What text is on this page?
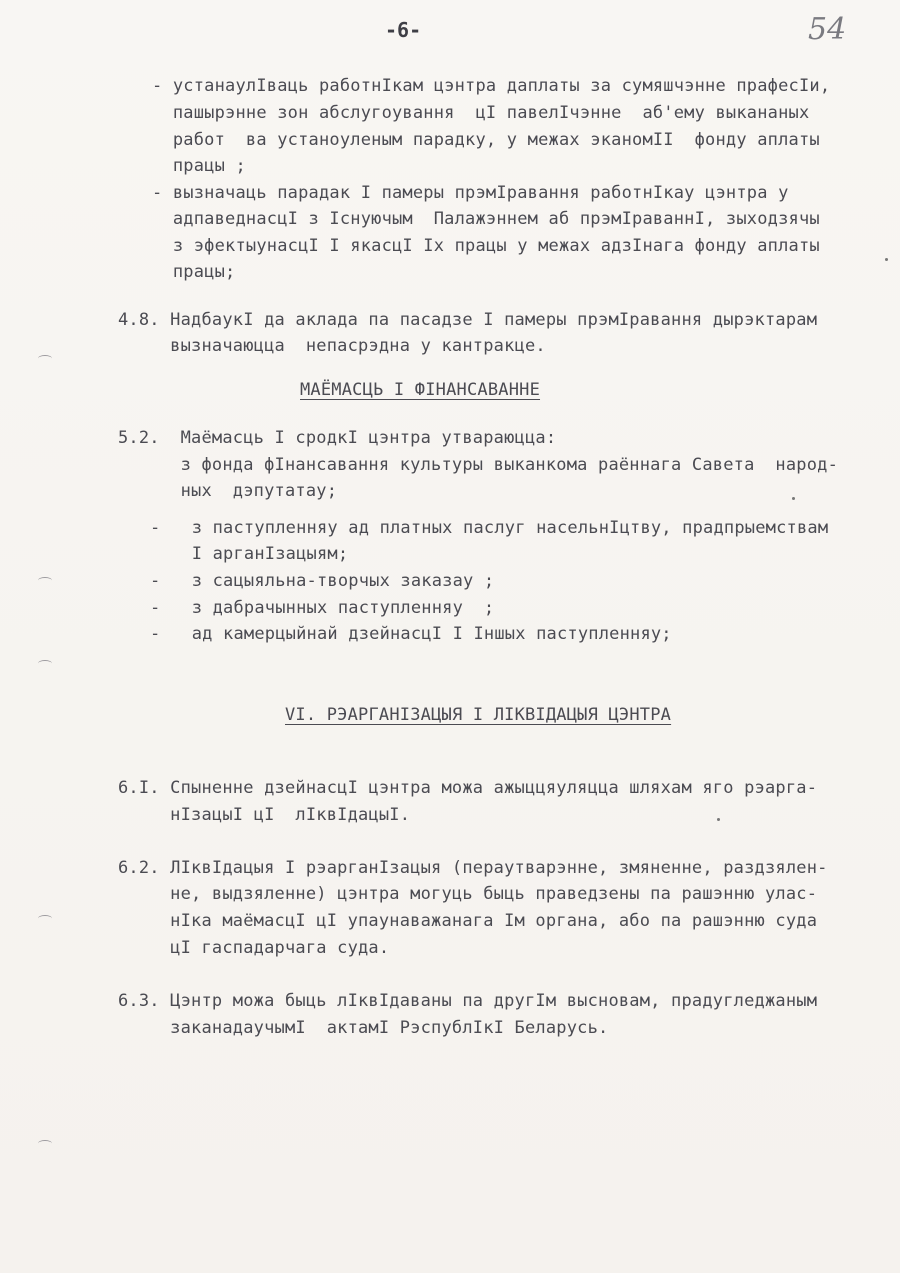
-6-	54
- устанаулIваць работнIкам цэнтра даплаты за сумяшчэнне прафесIи,
пашырэнне зон абслугоування  цI павелIчэнне  аб'ему выкананых
работ  ва устаноуленым парадку, у межах эканомII  фонду аплаты
працы ;
- вызначаць парадак I памеры прэмIравання рaботнIкау цэнтра у
адпаведнасцI з Iснуючым  Палажэннем аб прэмIраваннI, зыходзячы
з эфектыунасцI I якасцI Iх працы у межах адзIнага фонду аплаты
працы;
4.8. НадбаукI да аклада па пасадзе I памеры прэмIравання дырэктарам
вызначаюцца  непасрэдна у кантракце.
МАЁМАСЦЬ I ФIНАНСАВАННЕ
5.2.  Маёмасць I сродкI цэнтра утвараюцца:
з фонда фIнансавання культуры выканкома раённага Савета  народ-
ных  дэпутатау;
-   з паступленняу ад платных паслуг насельнIцтву, прадпрыемствам
I арганIзацыям;
-   з сацыяльна-творчых заказау ;
-   з дабрачынных паступленняу  ;
-   ад камерцыйнай дзейнасцI I Iншых паступленняу;
VI. РЭАРГАНIЗАЦЫЯ I ЛIКВIДАЦЫЯ ЦЭНТРА
6.I. Спыненне дзейнасцI цэнтра можа ажыццяуляцца шляхам яго рэарга-
нIзацыI цI  лIквIдацыI.
6.2. ЛIквIдацыя I рэарганIзацыя (перaутварэнне, змяненне, раздзялен-
не, выдзяленне) цэнтра могуць быць праведзены па рашэнню улас-
нIка маёмасцI цI упаунаважанага Iм органа, або па рашэнню суда
цI гаспадарчага суда.
6.3. Цэнтр можа быць лIквIдаваны па другIм высновам, прадугледжаным
заканадаучымI  актамI РэспублIкI Беларусь.
